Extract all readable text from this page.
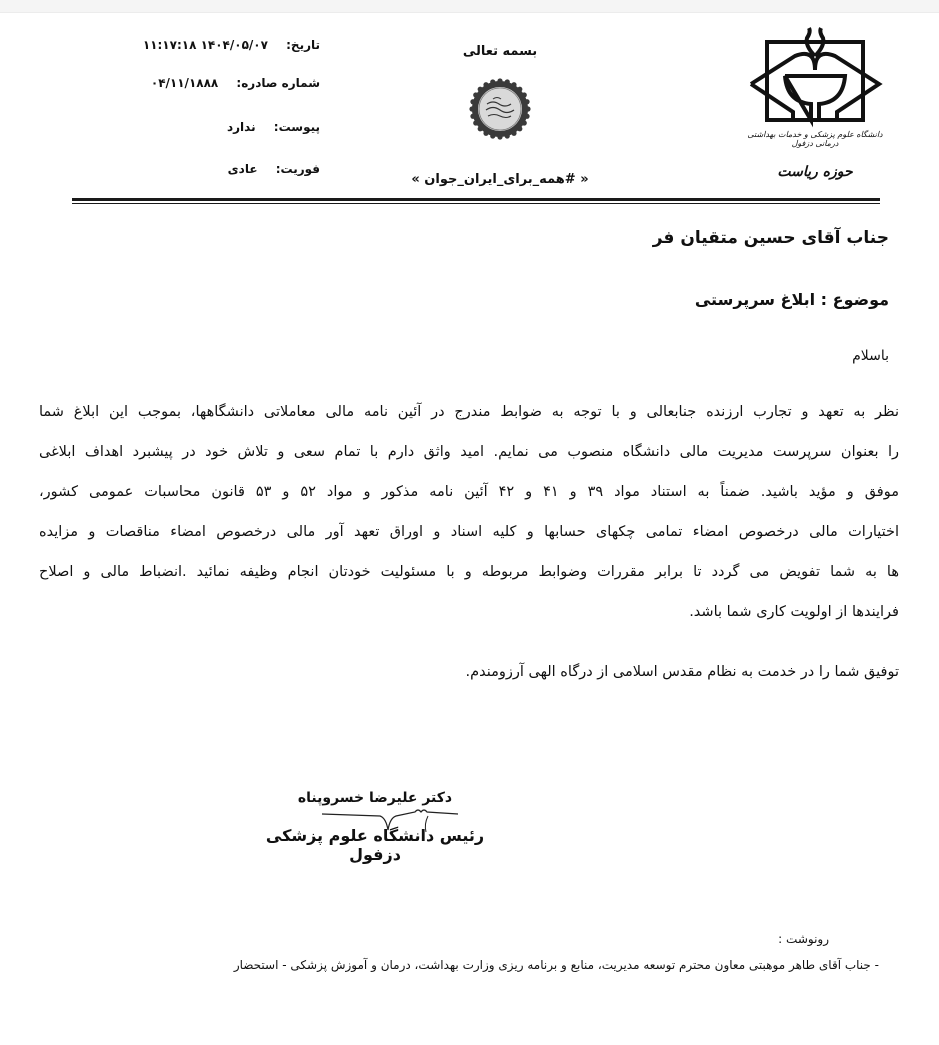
تاریخ: ۱۴۰۴/۰۵/۰۷ ۱۱:۱۷:۱۸
شماره صادره: ۰۴/۱۱/۱۸۸۸
پیوست: ندارد
فوریت: عادی
بسمه تعالی
« #همه_برای_ایران_جوان »
دانشگاه علوم پزشکی و خدمات بهداشتی درمانی دزفول
حوزه ریاست
جناب آقای حسین متقیان فر
موضوع : ابلاغ سرپرستی
باسلام
نظر به تعهد و تجارب ارزنده جنابعالی و با توجه به ضوابط مندرج در آئین نامه مالی معاملاتی دانشگاهها، بموجب این ابلاغ شما
را بعنوان سرپرست مدیریت مالی دانشگاه منصوب می نمایم. امید واثق دارم با تمام سعی و تلاش خود در پیشبرد اهداف ابلاغی
موفق و مؤید باشید. ضمناً به استناد مواد ۳۹ و ۴۱ و ۴۲ آئین نامه مذکور و مواد ۵۲ و ۵۳ قانون محاسبات عمومی کشور،
اختیارات مالی درخصوص امضاء تمامی چکهای حسابها و کلیه اسناد و اوراق تعهد آور مالی درخصوص امضاء مناقصات و مزایده
ها به شما تفویض می گردد تا برابر مقررات وضوابط مربوطه و با مسئولیت خودتان انجام وظیفه نمائید .انضباط مالی و اصلاح
فرایندها از اولویت کاری شما باشد.
توفیق شما را در خدمت به نظام مقدس اسلامی از درگاه الهی آرزومندم.
دکتر علیرضا خسروپناه
رئیس دانشگاه علوم پزشکی دزفول
رونوشت :
- جناب آقای طاهر موهبتی معاون محترم توسعه مدیریت، منابع و برنامه ریزی وزارت بهداشت، درمان و آموزش پزشکی - استحضار
